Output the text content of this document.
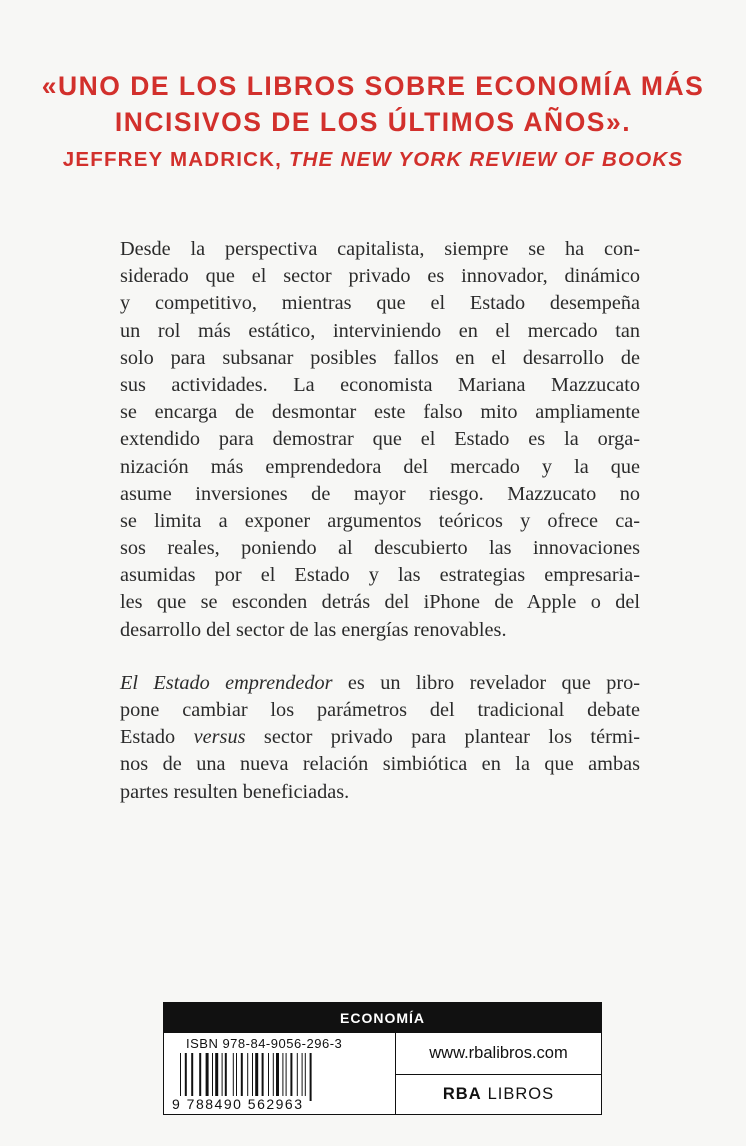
«UNO DE LOS LIBROS SOBRE ECONOMÍA MÁS
INCISIVOS DE LOS ÚLTIMOS AÑOS».
JEFFREY MADRICK, THE NEW YORK REVIEW OF BOOKS
Desde la perspectiva capitalista, siempre se ha con-
siderado que el sector privado es innovador, dinámico
y competitivo, mientras que el Estado desempeña
un rol más estático, interviniendo en el mercado tan
solo para subsanar posibles fallos en el desarrollo de
sus actividades. La economista Mariana Mazzucato
se encarga de desmontar este falso mito ampliamente
extendido para demostrar que el Estado es la orga-
nización más emprendedora del mercado y la que
asume inversiones de mayor riesgo. Mazzucato no
se limita a exponer argumentos teóricos y ofrece ca-
sos reales, poniendo al descubierto las innovaciones
asumidas por el Estado y las estrategias empresaria-
les que se esconden detrás del iPhone de Apple o del
desarrollo del sector de las energías renovables.
El Estado emprendedor es un libro revelador que pro-
pone cambiar los parámetros del tradicional debate
Estado versus sector privado para plantear los térmi-
nos de una nueva relación simbiótica en la que ambas
partes resulten beneficiadas.
ECONOMÍA
ISBN 978-84-9056-296-3
9 788490 562963
www.rbalibros.com
RBA LIBROS
